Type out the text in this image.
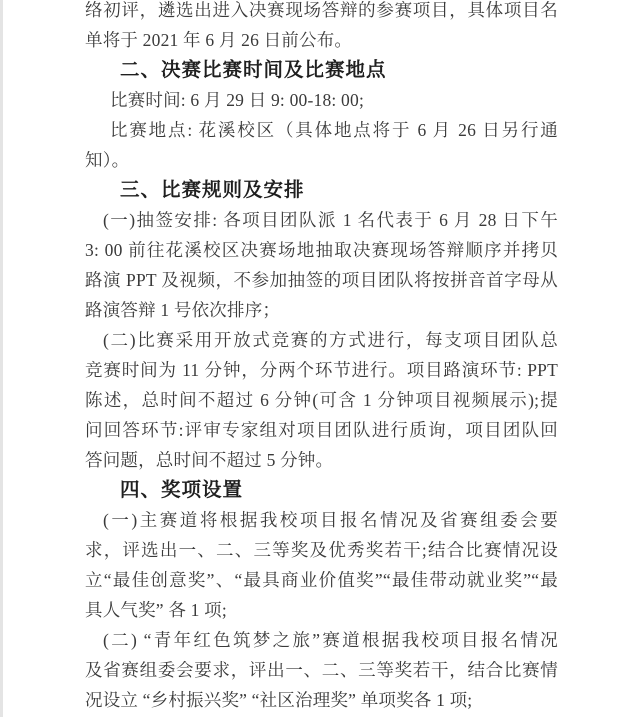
络初评，遴选出进入决赛现场答辩的参赛项目，具体项目名
单将于 2021 年 6 月 26 日前公布。
二、决赛比赛时间及比赛地点
比赛时间: 6 月 29 日 9: 00-18: 00;
比赛地点: 花溪校区（具体地点将于 6 月 26 日另行通
知）。
三、比赛规则及安排
(一)抽签安排: 各项目团队派 1 名代表于 6 月 28 日下午
3: 00 前往花溪校区决赛场地抽取决赛现场答辩顺序并拷贝
路演 PPT 及视频，不参加抽签的项目团队将按拼音首字母从
路演答辩 1 号依次排序；
(二)比赛采用开放式竞赛的方式进行，每支项目团队总
竞赛时间为 11 分钟，分两个环节进行。项目路演环节: PPT
陈述，总时间不超过 6 分钟(可含 1 分钟项目视频展示);提
问回答环节:评审专家组对项目团队进行质询，项目团队回
答问题，总时间不超过 5 分钟。
四、奖项设置
(一)主赛道将根据我校项目报名情况及省赛组委会要
求，评选出一、二、三等奖及优秀奖若干;结合比赛情况设
立“最佳创意奖”、“最具商业价值奖”“最佳带动就业奖”“最
具人气奖” 各 1 项;
(二) “青年红色筑梦之旅”赛道根据我校项目报名情况
及省赛组委会要求，评出一、二、三等奖若干，结合比赛情
况设立 “乡村振兴奖” “社区治理奖” 单项奖各 1 项;
